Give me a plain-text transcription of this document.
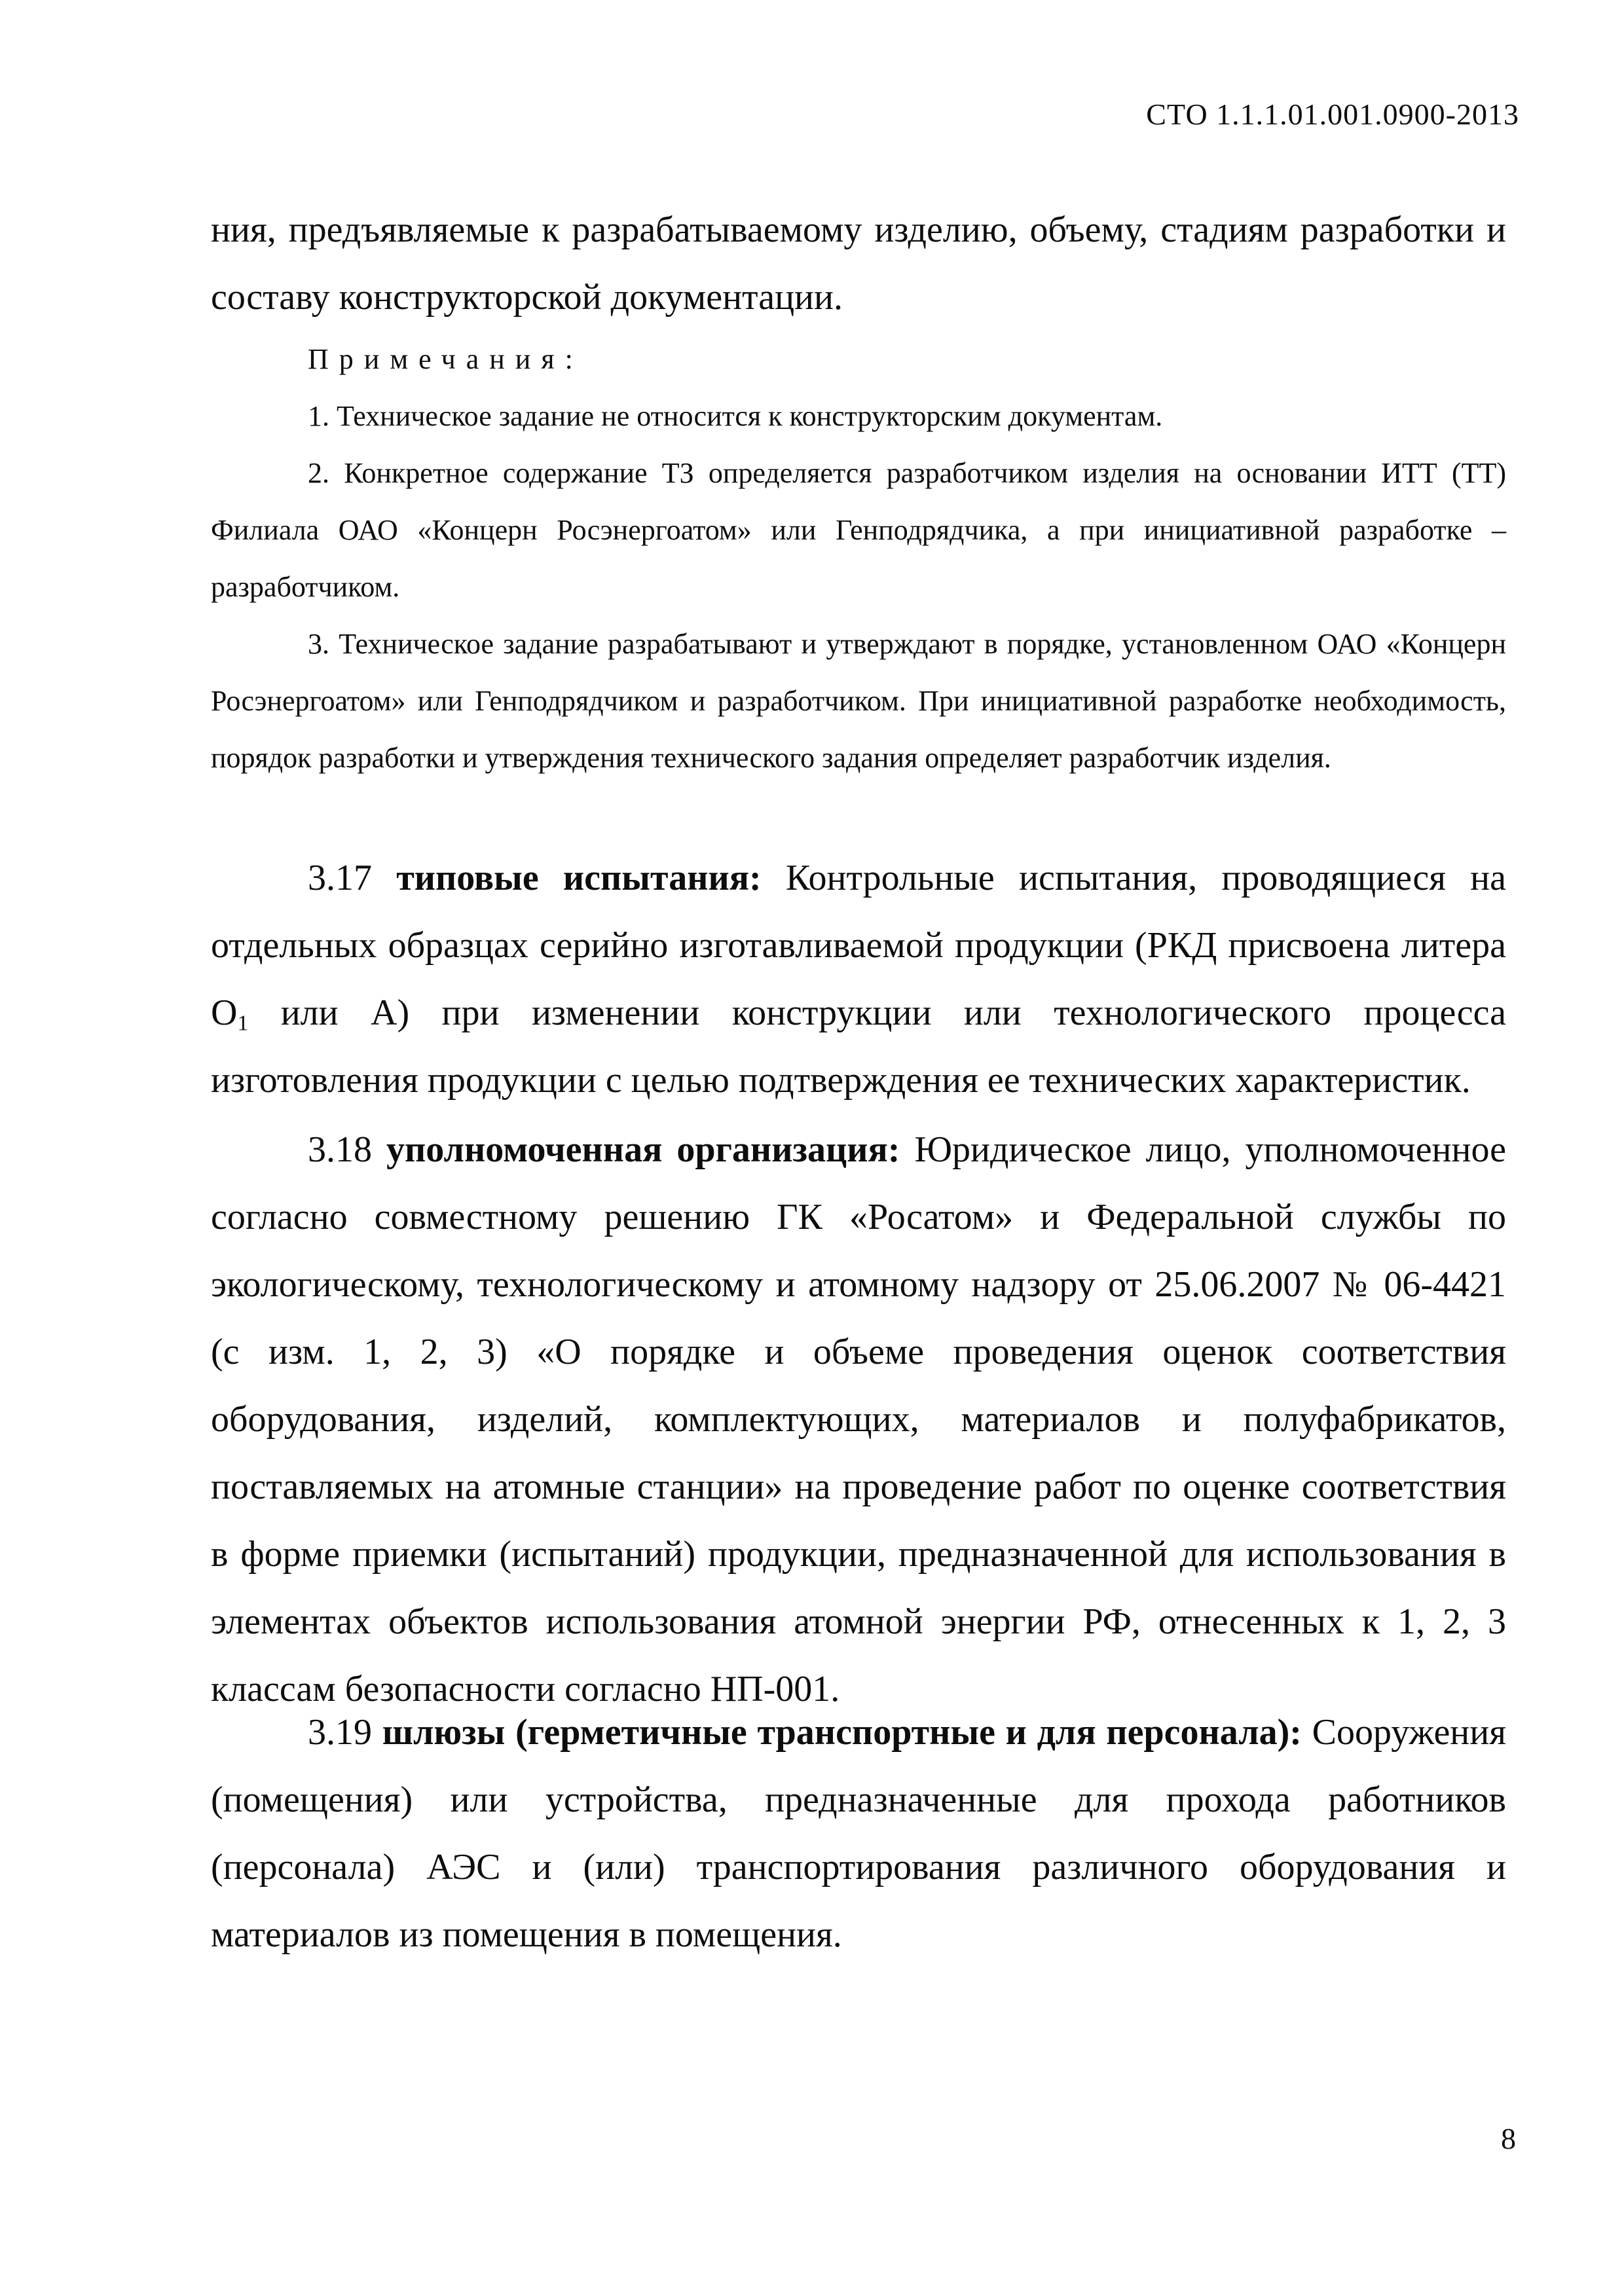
СТО 1.1.1.01.001.0900-2013

ния, предъявляемые к разрабатываемому изделию, объему, стадиям разработки и составу конструкторской документации.

Примечания:

1. Техническое задание не относится к конструкторским документам.

2. Конкретное содержание ТЗ определяется разработчиком изделия на основании ИТТ (ТТ) Филиала ОАО «Концерн Росэнергоатом» или Генподрядчика, а при инициативной разработке – разработчиком.

3. Техническое задание разрабатывают и утверждают в порядке, установленном ОАО «Концерн Росэнергоатом» или Генподрядчиком и разработчиком. При инициативной разработке необходимость, порядок разработки и утверждения технического задания определяет разработчик изделия.

3.17 типовые испытания: Контрольные испытания, проводящиеся на отдельных образцах серийно изготавливаемой продукции (РКД присвоена литера $О_1$ или А) при изменении конструкции или технологического процесса изготовления продукции с целью подтверждения ее технических характеристик.

3.18 уполномоченная организация: Юридическое лицо, уполномоченное согласно совместному решению ГК «Росатом» и Федеральной службы по экологическому, технологическому и атомному надзору от 25.06.2007 № 06-4421 (с изм. 1, 2, 3) «О порядке и объеме проведения оценок соответствия оборудования, изделий, комплектующих, материалов и полуфабрикатов, поставляемых на атомные станции» на проведение работ по оценке соответствия в форме приемки (испытаний) продукции, предназначенной для использования в элементах объектов использования атомной энергии РФ, отнесенных к 1, 2, 3 классам безопасности согласно НП-001.

3.19 шлюзы (герметичные транспортные и для персонала): Сооружения (помещения) или устройства, предназначенные для прохода работников (персонала) АЭС и (или) транспортирования различного оборудования и материалов из помещения в помещения.

8
